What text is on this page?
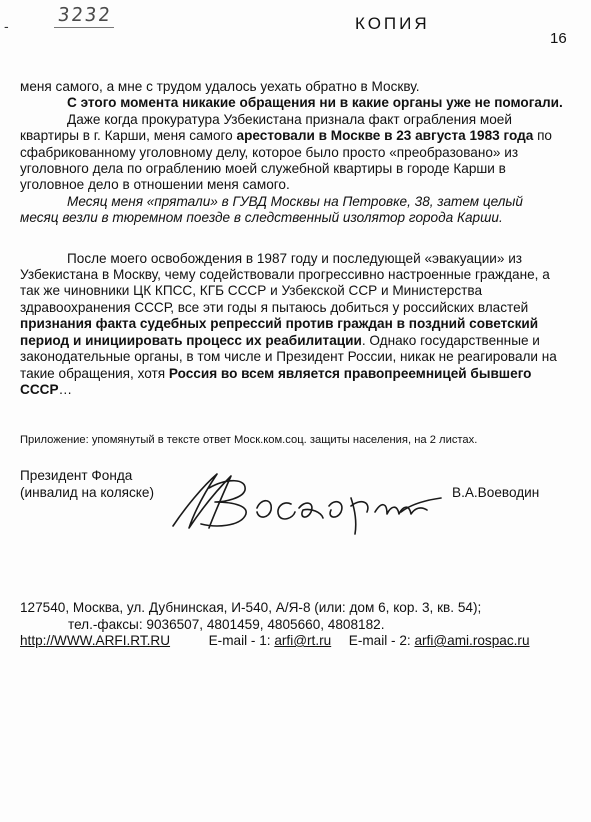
-	3232	КОПИЯ
16

меня самого, а мне с трудом удалось уехать обратно в Москву.

С этого момента никакие обращения ни в какие органы уже не помогали.

Даже когда прокуратура Узбекистана признала факт ограбления моей квартиры в г. Карши, меня самого арестовали в Москве в 23 августа 1983 года по сфабрикованному уголовному делу, которое было просто «преобразовано» из уголовного дела по ограблению моей служебной квартиры в городе Карши в уголовное дело в отношении меня самого.

Месяц меня «прятали» в ГУВД Москвы на Петровке, 38, затем целый месяц везли в тюремном поезде в следственный изолятор города Карши.

После моего освобождения в 1987 году и последующей «эвакуации» из Узбекистана в Москву, чему содействовали прогрессивно настроенные граждане, а так же чиновники ЦК КПСС, КГБ СССР и Узбекской ССР и Министерства здравоохранения СССР, все эти годы я пытаюсь добиться у российских властей признания факта судебных репрессий против граждан в поздний советский период и инициировать процесс их реабилитации. Однако государственные и законодательные органы, в том числе и Президент России, никак не реагировали на такие обращения, хотя Россия во всем является правопреемницей бывшего СССР…

Приложение: упомянутый в тексте ответ Моск.ком.соц. защиты населения, на 2 листах.
Президент Фонда
(инвалид на коляске)	В.А.Воеводин
127540, Москва, ул. Дубнинская, И-540, А/Я-8 (или: дом 6, кор. 3, кв. 54);
тел.-факсы: 9036507, 4801459, 4805660, 4808182.
http://WWW.ARFI.RT.RU	E-mail - 1: arfi@rt.ru E-mail - 2: arfi@ami.rospac.ru
